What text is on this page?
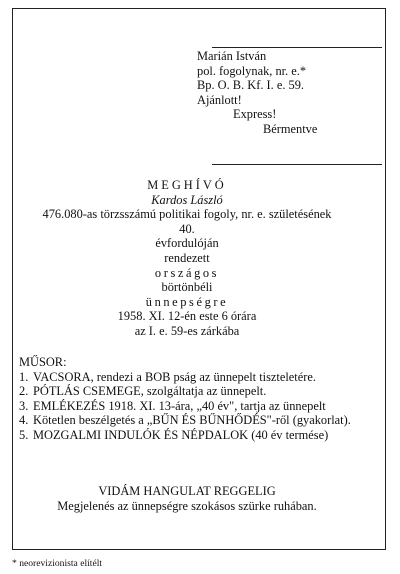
Marián István
pol. fogolynak, nr. e.*
Bp. O. B. Kf. I. e. 59.
Ajánlott!
Express!
Bérmentve
MEGHÍVÓ
Kardos László
476.080-as törzsszámú politikai fogoly, nr. e. születésének
40.
évfordulóján
rendezett
országos
börtönbéli
ünnepségre
1958. XI. 12-én este 6 órára
az I. e. 59-es zárkába
MŰSOR:
1. VACSORA, rendezi a BOB pság az ünnepelt tiszteletére.
2. PÓTLÁS CSEMEGE, szolgáltatja az ünnepelt.
3. EMLÉKEZÉS 1918. XI. 13-ára, „40 év", tartja az ünnepelt
4. Kötetlen beszélgetés a „BŰN ÉS BŰNHŐDÉS"-ről (gyakorlat).
5. MOZGALMI INDULÓK ÉS NÉPDALOK (40 év termése)
VIDÁM HANGULAT REGGELIG
Megjelenés az ünnepségre szokásos szürke ruhában.
* neorevizionista elítélt
